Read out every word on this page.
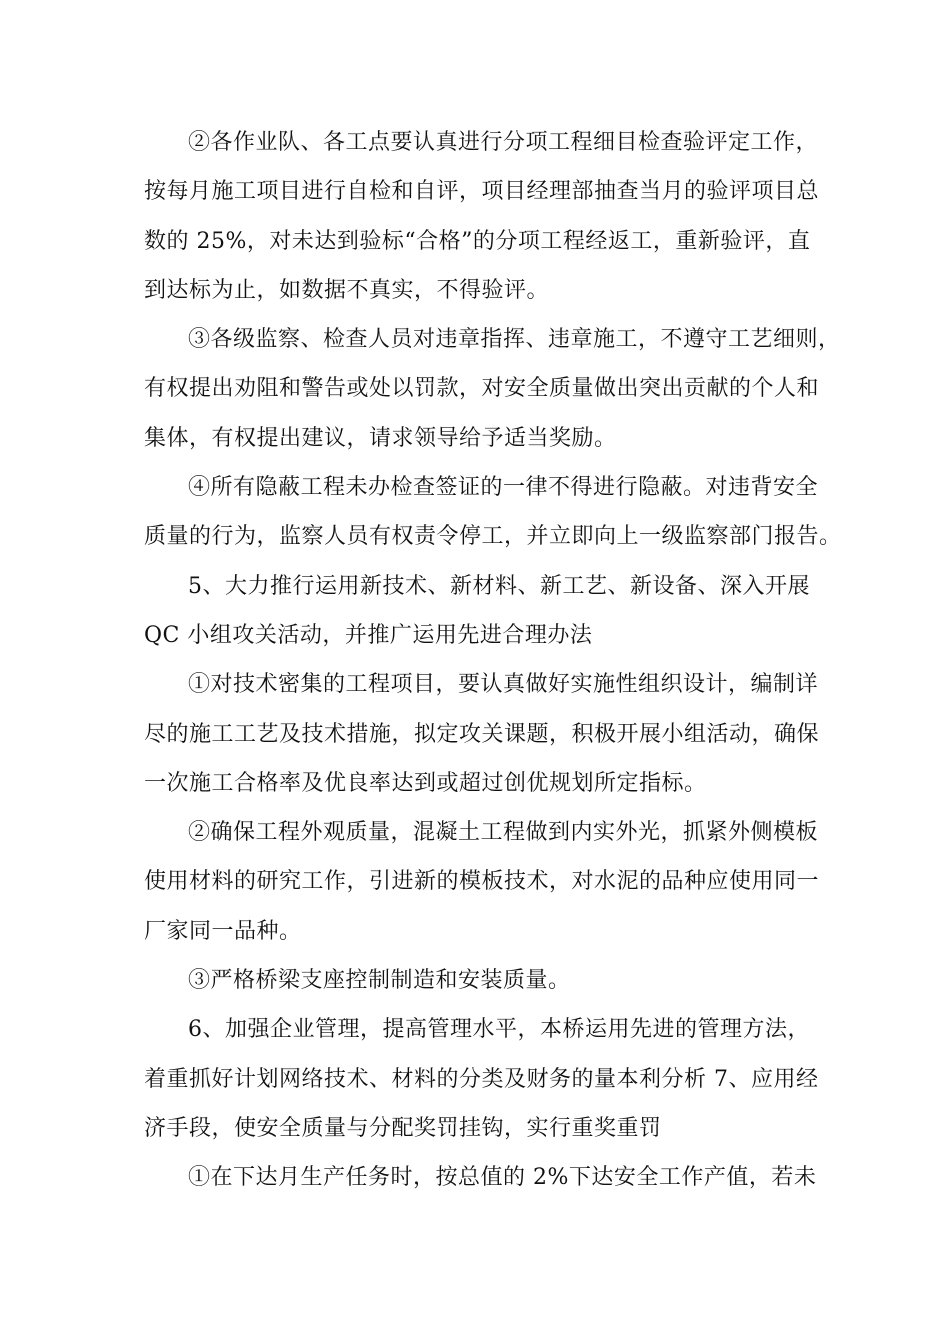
②各作业队、各工点要认真进行分项工程细目检查验评定工作，
按每月施工项目进行自检和自评，项目经理部抽查当月的验评项目总
数的 25%，对未达到验标“合格”的分项工程经返工，重新验评，直
到达标为止，如数据不真实，不得验评。
③各级监察、检查人员对违章指挥、违章施工，不遵守工艺细则，
有权提出劝阻和警告或处以罚款，对安全质量做出突出贡献的个人和
集体，有权提出建议，请求领导给予适当奖励。
④所有隐蔽工程未办检查签证的一律不得进行隐蔽。对违背安全
质量的行为，监察人员有权责令停工，并立即向上一级监察部门报告。
5、大力推行运用新技术、新材料、新工艺、新设备、深入开展
QC 小组攻关活动，并推广运用先进合理办法
①对技术密集的工程项目，要认真做好实施性组织设计，编制详
尽的施工工艺及技术措施，拟定攻关课题，积极开展小组活动，确保
一次施工合格率及优良率达到或超过创优规划所定指标。
②确保工程外观质量，混凝土工程做到内实外光，抓紧外侧模板
使用材料的研究工作，引进新的模板技术，对水泥的品种应使用同一
厂家同一品种。
③严格桥梁支座控制制造和安装质量。
6、加强企业管理，提高管理水平，本桥运用先进的管理方法，
着重抓好计划网络技术、材料的分类及财务的量本利分析 7、应用经
济手段，使安全质量与分配奖罚挂钩，实行重奖重罚
①在下达月生产任务时，按总值的 2%下达安全工作产值，若未
